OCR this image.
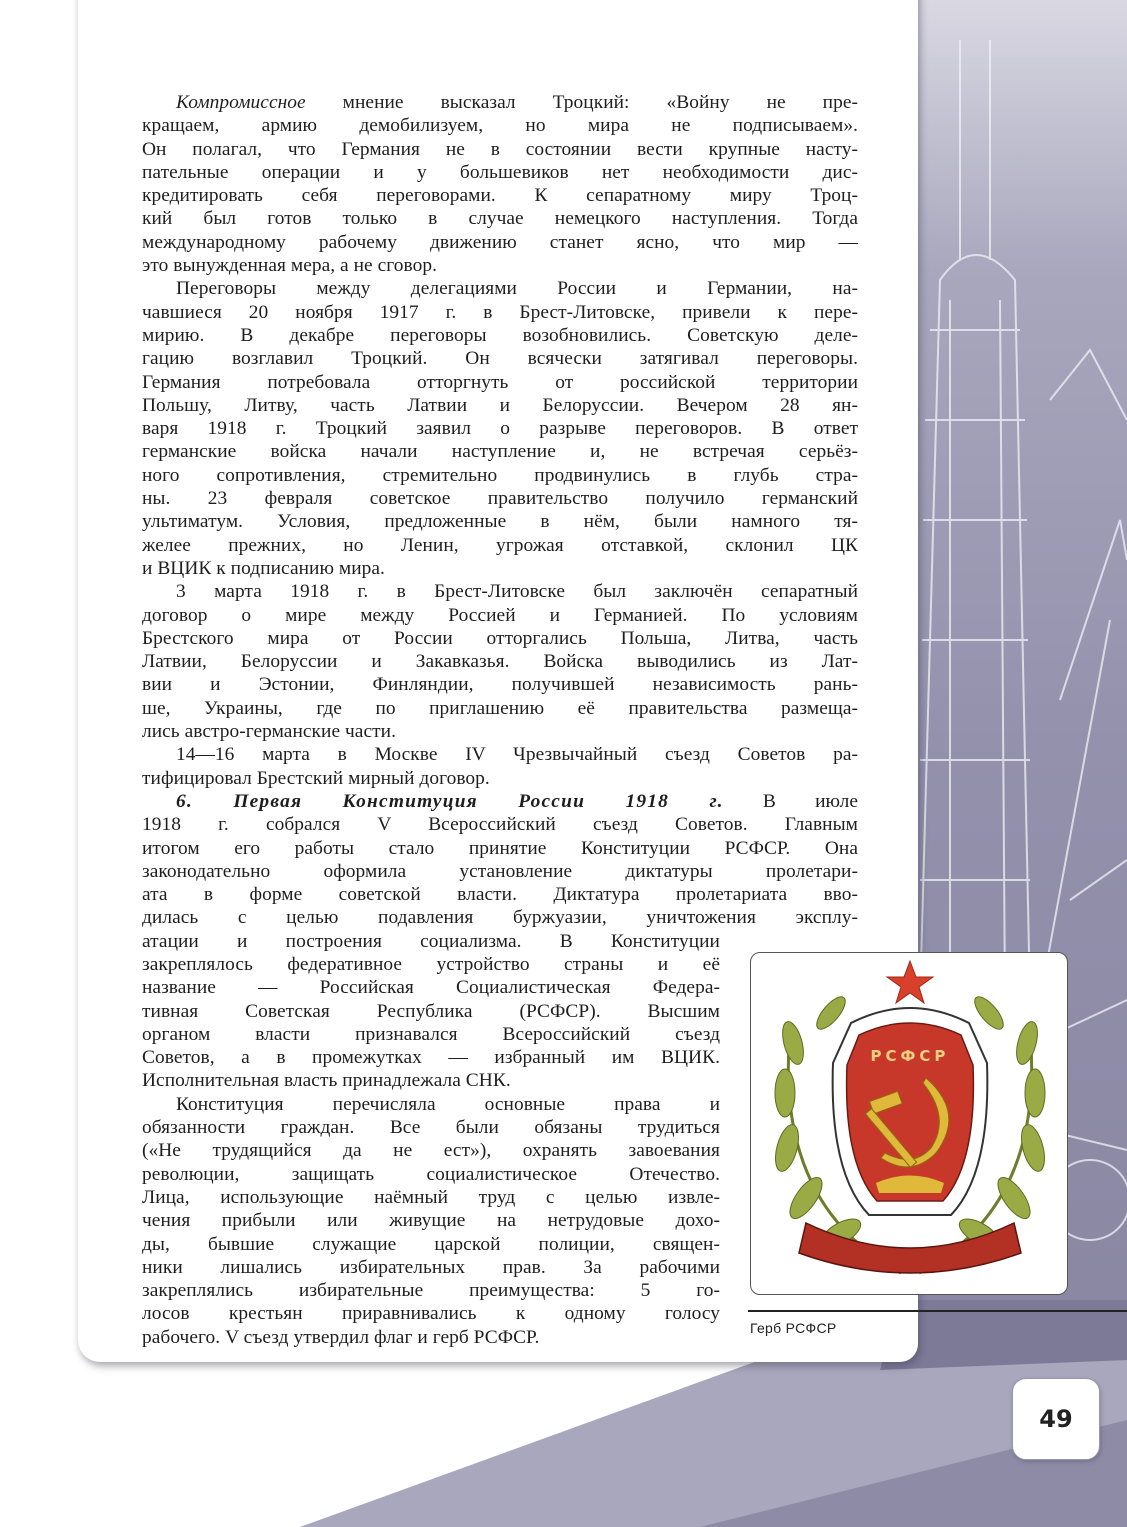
Компромиссное мнение высказал Троцкий: «Войну не пре-
кращаем, армию демобилизуем, но мира не подписываем».
Он полагал, что Германия не в состоянии вести крупные насту-
пательные операции и у большевиков нет необходимости дис-
кредитировать себя переговорами. К сепаратному миру Троц-
кий был готов только в случае немецкого наступления. Тогда
международному рабочему движению станет ясно, что мир —
это вынужденная мера, а не сговор.
Переговоры между делегациями России и Германии, на-
чавшиеся 20 ноября 1917 г. в Брест-Литовске, привели к пере-
мирию. В декабре переговоры возобновились. Советскую деле-
гацию возглавил Троцкий. Он всячески затягивал переговоры.
Германия потребовала отторгнуть от российской территории
Польшу, Литву, часть Латвии и Белоруссии. Вечером 28 ян-
варя 1918 г. Троцкий заявил о разрыве переговоров. В ответ
германские войска начали наступление и, не встречая серьёз-
ного сопротивления, стремительно продвинулись в глубь стра-
ны. 23 февраля советское правительство получило германский
ультиматум. Условия, предложенные в нём, были намного тя-
желее прежних, но Ленин, угрожая отставкой, склонил ЦК
и ВЦИК к подписанию мира.
3 марта 1918 г. в Брест-Литовске был заключён сепаратный
договор о мире между Россией и Германией. По условиям
Брестского мира от России отторгались Польша, Литва, часть
Латвии, Белоруссии и Закавказья. Войска выводились из Лат-
вии и Эстонии, Финляндии, получившей независимость рань-
ше, Украины, где по приглашению её правительства размеща-
лись австро-германские части.
14—16 марта в Москве IV Чрезвычайный съезд Советов ра-
тифицировал Брестский мирный договор.
6. Первая Конституция России 1918 г. В июле
1918 г. собрался V Всероссийский съезд Советов. Главным
итогом его работы стало принятие Конституции РСФСР. Она
законодательно оформила установление диктатуры пролетари-
ата в форме советской власти. Диктатура пролетариата вво-
дилась с целью подавления буржуазии, уничтожения эксплу-
атации и построения социализма. В Конституции
закреплялось федеративное устройство страны и её
название — Российская Социалистическая Федера-
тивная Советская Республика (РСФСР). Высшим
органом власти признавался Всероссийский съезд
Советов, а в промежутках — избранный им ВЦИК.
Исполнительная власть принадлежала СНК.
Конституция перечисляла основные права и
обязанности граждан. Все были обязаны трудиться
(«Не трудящийся да не ест»), охранять завоевания
революции, защищать социалистическое Отечество.
Лица, использующие наёмный труд с целью извле-
чения прибыли или живущие на нетрудовые дохо-
ды, бывшие служащие царской полиции, священ-
ники лишались избирательных прав. За рабочими
закреплялись избирательные преимущества: 5 го-
лосов крестьян приравнивались к одному голосу
рабочего. V съезд утвердил флаг и герб РСФСР.
РСФСР
Герб РСФСР
49
